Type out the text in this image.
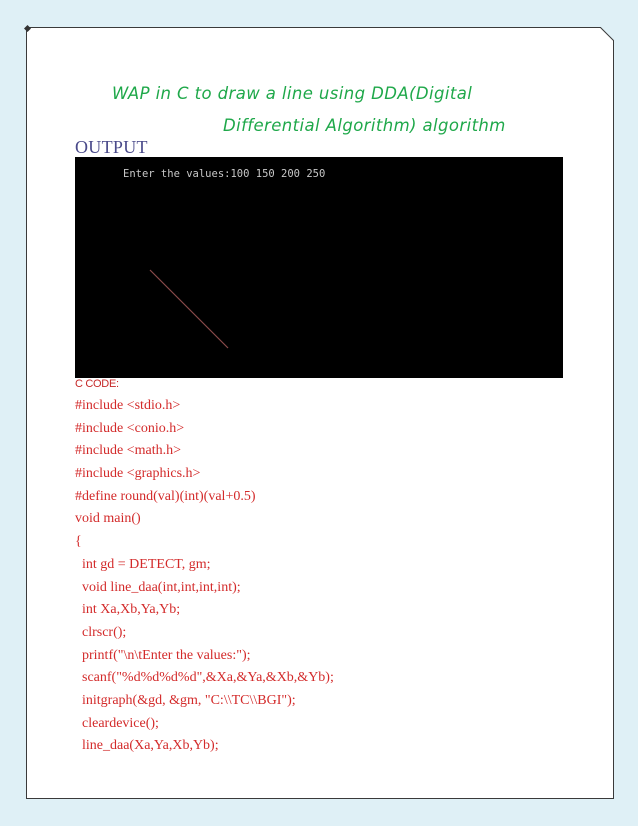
WAP in C to draw a line using DDA(Digital
Differential Algorithm) algorithm
OUTPUT
Enter the values:100 150 200 250
C CODE:
#include <stdio.h>
#include <conio.h>
#include <math.h>
#include <graphics.h>
#define round(val)(int)(val+0.5)
void main()
{
int gd = DETECT, gm;
void line_daa(int,int,int,int);
int Xa,Xb,Ya,Yb;
clrscr();
printf("\n\tEnter the values:");
scanf("%d%d%d%d",&Xa,&Ya,&Xb,&Yb);
initgraph(&gd, &gm, "C:\\TC\\BGI");
cleardevice();
line_daa(Xa,Ya,Xb,Yb);
